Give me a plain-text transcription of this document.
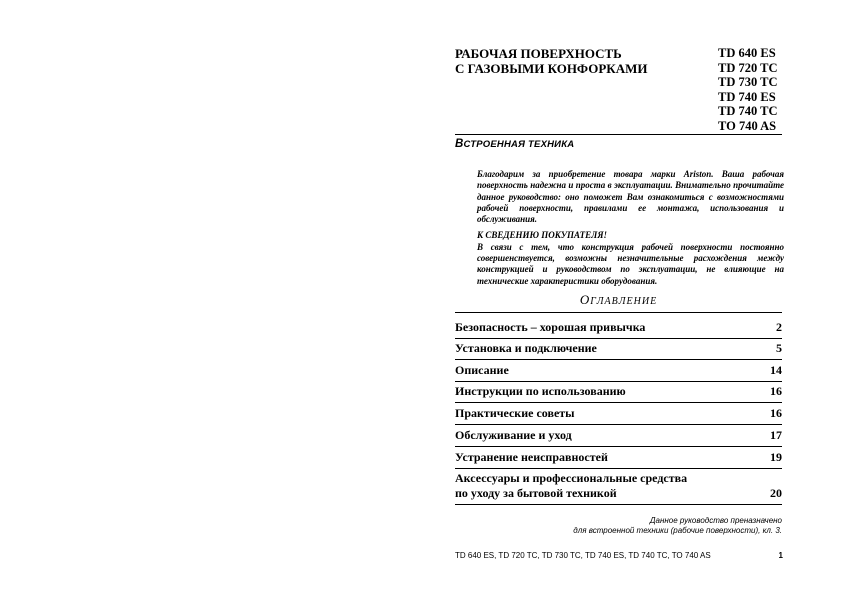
РАБОЧАЯ ПОВЕРХНОСТЬ
С ГАЗОВЫМИ КОНФОРКАМИ
TD 640 ES
TD 720 TC
TD 730 TC
TD 740 ES
TD 740 TC
TO 740 AS
ВСТРОЕННАЯ ТЕХНИКА

Благодарим за приобретение товара марки Ariston. Ваша рабочая поверхность надежна и проста в эксплуатации. Внимательно прочитайте данное руководство: оно поможет Вам ознакомиться с возможностями рабочей поверхности, правилами ее монтажа, использования и обслуживания.

К СВЕДЕНИЮ ПОКУПАТЕЛЯ!

В связи с тем, что конструкция рабочей поверхности постоянно совершенствуется, возможны незначительные расхождения между конструкцией и руководством по эксплуатации, не влияющие на технические характеристики оборудования.

ОГЛАВЛЕНИЕ
Безопасность – хорошая привычка	2
Установка и подключение	5
Описание	14
Инструкции по использованию	16
Практические советы	16
Обслуживание и уход	17
Устранение неисправностей	19
Аксессуары и профессиональные средства
по уходу за бытовой техникой	20
Данное руководство преназначено
для встроенной техники (рабочие поверхности), кл. 3.
TD 640 ES, TD 720 TC, TD 730 TC, TD 740 ES, TD 740 TC, TO 740 AS	1
